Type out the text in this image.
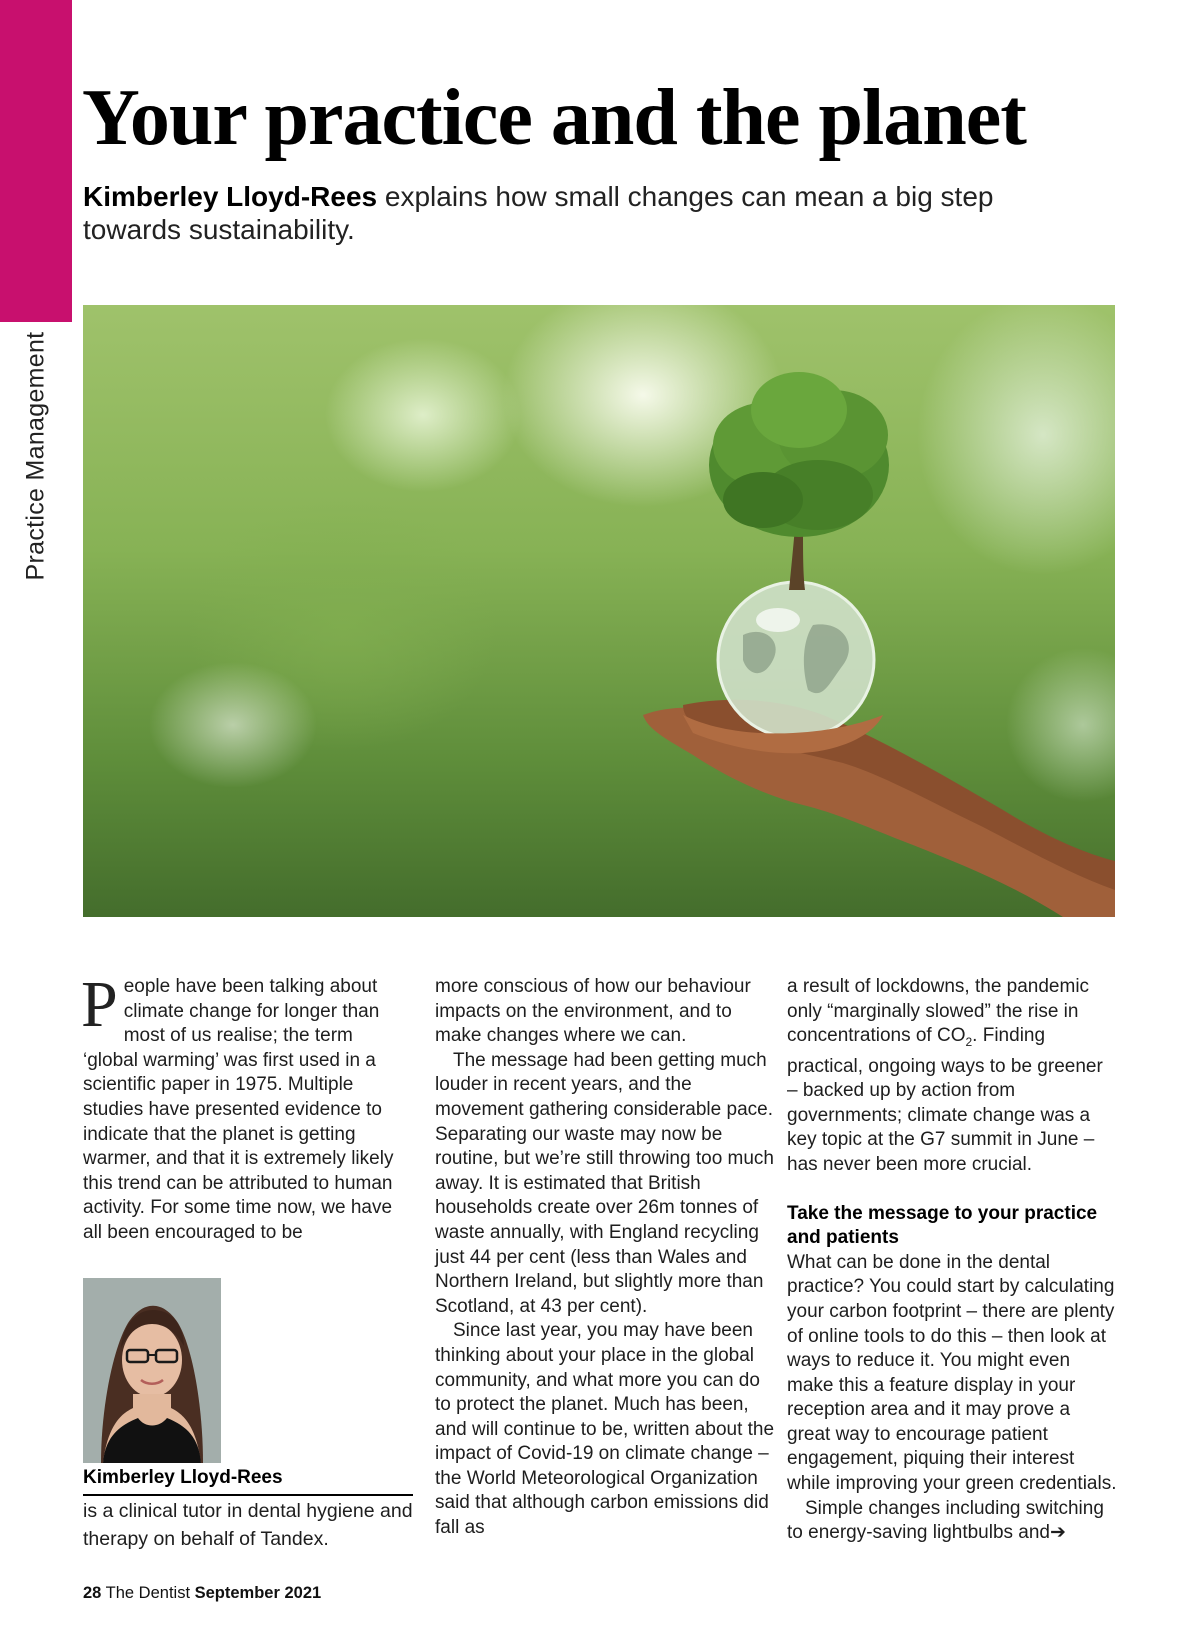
Practice Management
Your practice and the planet

Kimberley Lloyd-Rees explains how small changes can mean a big step towards sustainability.

People have been talking about climate change for longer than most of us realise; the term ‘global warming’ was first used in a scientific paper in 1975. Multiple studies have presented evidence to indicate that the planet is getting warmer, and that it is extremely likely this trend can be attributed to human activity. For some time now, we have all been encouraged to be

more conscious of how our behaviour impacts on the environment, and to make changes where we can.

The message had been getting much louder in recent years, and the movement gathering considerable pace. Separating our waste may now be routine, but we’re still throwing too much away. It is estimated that British households create over 26m tonnes of waste annually, with England recycling just 44 per cent (less than Wales and Northern Ireland, but slightly more than Scotland, at 43 per cent).

Since last year, you may have been thinking about your place in the global community, and what more you can do to protect the planet. Much has been, and will continue to be, written about the impact of Covid-19 on climate change – the World Meteorological Organization said that although carbon emissions did fall as

a result of lockdowns, the pandemic only “marginally slowed” the rise in concentrations of $CO_2$. Finding practical, ongoing ways to be greener – backed up by action from governments; climate change was a key topic at the G7 summit in June – has never been more crucial.

Take the message to your practice and patients

What can be done in the dental practice? You could start by calculating your carbon footprint – there are plenty of online tools to do this – then look at ways to reduce it. You might even make this a feature display in your reception area and it may prove a great way to encourage patient engagement, piquing their interest while improving your green credentials.

Simple changes including switching to energy-saving lightbulbs and➔

Kimberley Lloyd-Rees
is a clinical tutor in dental hygiene and therapy on behalf of Tandex.
28 The Dentist September 2021
